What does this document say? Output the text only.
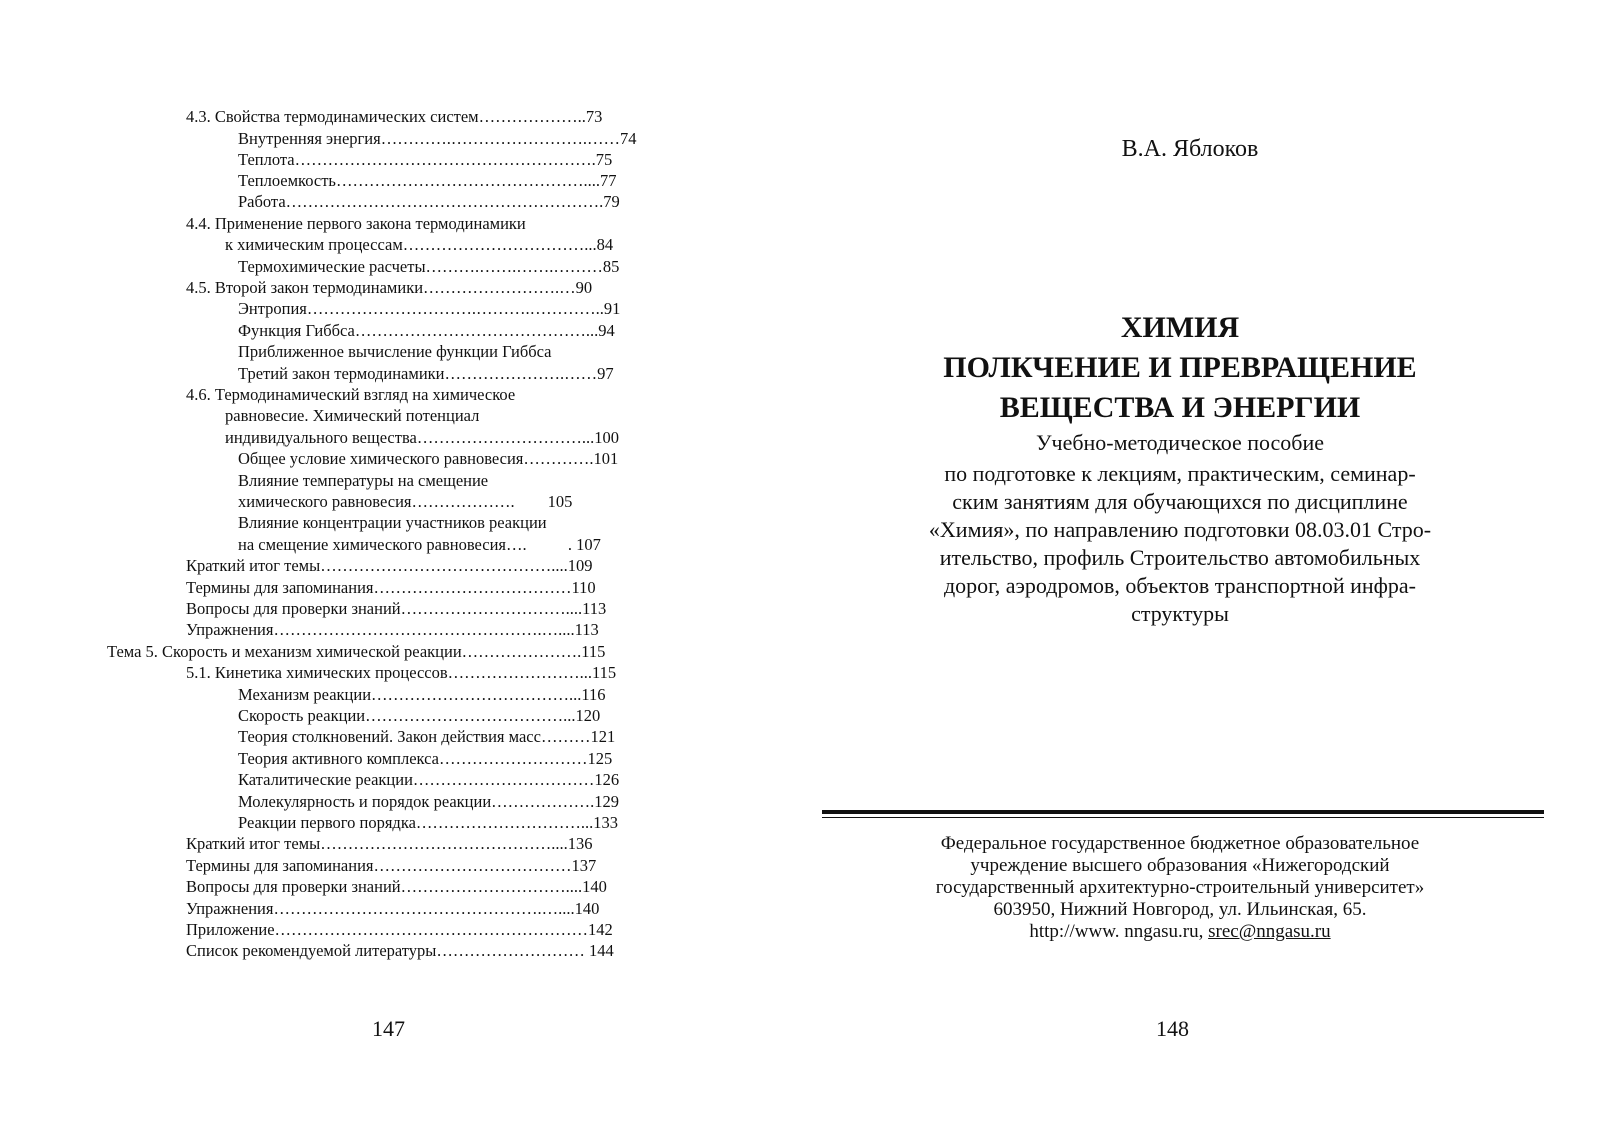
4.3. Свойства термодинамических систем………………..73
Внутренняя энергия………….…………………….……74
Теплота……………………………………………….75
Теплоемкость………………………………………....77
Работа………………………………………………….79
4.4. Применение первого закона термодинамики
к химическим процессам……………………………...84
Термохимические расчеты……….…….…….………85
4.5. Второй закон термодинамики…………………….…90
Энтропия………………………….……….…………..91
Функция Гиббса……………………………………...94
Приближенное вычисление функции Гиббса
Третий закон термодинамики………………….……97
4.6. Термодинамический взгляд на химическое
равновесие. Химический потенциал
индивидуального вещества…………………………...100
Общее условие химического равновесия………….101
Влияние температуры на смещение
химического равновесия……………….        105
Влияние концентрации участников реакции
на смещение химического равновесия….          . 107
Краткий итог темы……………………………………....109
Термины для запоминания………………………………110
Вопросы для проверки знаний…………………………....113
Упражнения………………………………………….…....113
Тема 5. Скорость и механизм химической реакции………………….115
5.1. Кинетика химических процессов……………………...115
Механизм реакции………………………………...116
Скорость реакции………………………………...120
Теория столкновений. Закон действия масс………121
Теория активного комплекса………………………125
Каталитические реакции……………………………126
Молекулярность и порядок реакции……………….129
Реакции первого порядка…………………………...133
Краткий итог темы……………………………………....136
Термины для запоминания………………………………137
Вопросы для проверки знаний…………………………....140
Упражнения………………………………………….…....140
Приложение…………………………………………………142
Список рекомендуемой литературы……………………… 144
147
В.А. Яблоков
ХИМИЯ
ПОЛКЧЕНИЕ И ПРЕВРАЩЕНИЕ
ВЕЩЕСТВА И ЭНЕРГИИ
Учебно-методическое пособие
по подготовке к лекциям, практическим, семинар-
ским занятиям для обучающихся по дисциплине
«Химия», по направлению подготовки 08.03.01 Стро-
ительство, профиль Строительство автомобильных
дорог, аэродромов, объектов транспортной инфра-
структуры
Федеральное государственное бюджетное образовательное
учреждение высшего образования «Нижегородский
государственный архитектурно-строительный университет»
603950, Нижний Новгород, ул. Ильинская, 65.
http://www. nngasu.ru, srec@nngasu.ru
148
